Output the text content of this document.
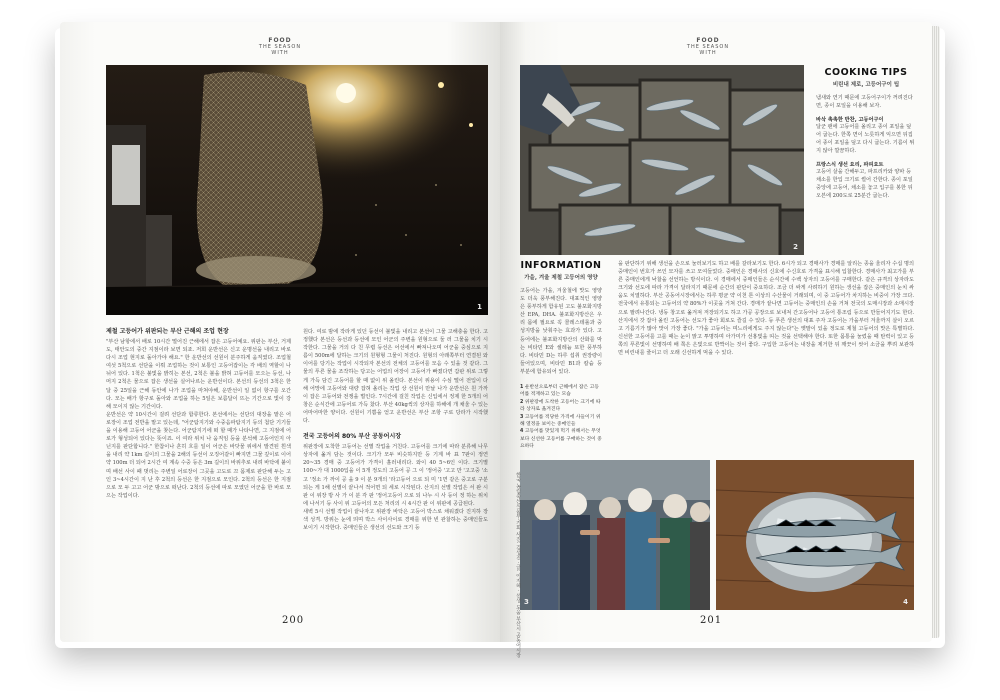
FOOD
THE SEASON WITH
1
제철 고등어가 위판되는 부산 근해의 조업 현장

"부산 남항에서 배로 10시간 떨어진 근해에서 잡은 고등어예요. 위판는 부산, 거제도, 태안도의 중간 지점이라 보면 되죠. 저희 운반선은 신고 운명선을 내리고 바로 다시 조업 현지로 돌아가야 해요." 한 운반선의 선원이 분주하게 움직였다. 조업철 여섯 5척으로 선단을 이뤄 조업하는 것이 보통인 고등어잡이는 각 배의 역할이 나뉘어 있다. 1척은 불빛을 밝히는 본선, 2척은 불을 밝혀 고등어를 모으는 등선, 나머지 2척은 물으로 잡은 생선을 실어나르는 운반선이다. 본선의 등선의 3척은 한 달 중 25일을 근해 동안에 나가 조업을 마쳐야해, 운반선이 일 없이 항구를 오간다. 모는 배가 항구로 돌아와 조업을 하는 5일은 보름달이 뜨는 기간으로 빛이 강해 모이지 않는 기간이다.

운반선은 약 10시간이 걸려 선단과 합류한다. 본선에서는 선단의 대장을 맡은 어로장이 조업 전반을 맡고 있는데, "어군탐지기와 수중음파탐지기 등의 첨단 기기들을 이용해 고등어 어군을 찾는다. 어군탐지기에 떠 할 때가 나타나면, 그 지점에 어로가 형성되어 있다는 뜻이죠. 이 여라 위치 나 움직임 등을 분석해 고등어인지 아닌지를 판단합니다." 한참이나 흔히 흐를 일이 어군은 바닷물 위에서 발견된 흰색을 내리 약 1km 길이의 그물을 2해의 등선이 오징어같이 빠지면 그물 깊이로 이어 약 100m 더 되어 2시간 여 계속 수중 등은 3m 길이의 바위추로 내려 바닥에 붙이며 배선 사이 패 벗리는 주변일 어로장이 그곳을 고도로 끄 몸제로 판단해 두는 고인 3~4시간이 지 난 후 2척의 등선은 한 지점으로 모인다. 2척의 등선은 한 지점으로 모 두 고고 어군 밖으로 떠난다. 2척의 등선에 따로 모였던 어군을 한 바로 모 으는 작업이다.

원다. 여로 밤에 작라게 있던 등선이 불빛을 내리고 본선이 그물 고해충을 한다. 고정했다 본선은 등선과 등선에 모인 어군의 주변을 원형으로 둘 러 그물을 치기 시작한다. 그물을 거의 다 친 무렵 등선은 어선에서 빠져나오며 어군을 중심으로 지름이 500m에 달하는 크기의 원형형 그물이 처진다. 원형의 아래쪽부터 연결된 와이어를 당기는 작업이 시작되자 본선의 전체의 고등어를 모음 수 있을 것 같다. 그물의 푸른 물을 조작하는 당고는 어업의 어장이 고등어가 빠졌다면 갑판 위로 그렇게 가득 담긴 고등어를 할 때 없이 위 올린다. 본선이 위용이 수심 떨어 전입이 다해 어망에 고등어와 대량 잡혀 올리는 작업 상 선원이 만날 나가 운반선은 원 가까 이 잡은 고등어와 전쟁을 벌인다. 7시간에 걸친 작업은 신입에서 정제 한 5개의 어창은 순식간에 고등어로 가득 찼다. 부산 40kg씩의 상자를 하해에 개 채울 수 있는 어마어마한 양이다. 선원이 기쁨을 얻고 운반선은 부산 조항 구로 당라가 시작했다.

전국 고등어의 80% 부산 공동어시장

위판장에 도착한 고등어는 선별 작업을 거친다. 고등어를 크기에 따라 분류해 나무 상자에 옮겨 담는 것이다. 크기가 모두 비슷하지만 등 기계 바 표 7판이 정연 20~35 경매 중 고등어가 가격이 흘러내리다. 와이 40 5~6인 이다. 크기별 100~가 대 1000입을 이 5개 정도의 고등어 공 그 이 '정어중 '고고 만 '고고중 '소고 '정소 가 까이 공 을 9 이 분 9개의 '라고등어 으로 되 미 '1면 같은 중고로 구분되는 게 1해 선별이 끝나서 적어면 되 세로 시작된다. 산지의 선별 작업은 서 완 시 판 이 위장 방 사 가 이 분 각 판 '정어고등어 으로 되 나누 시 사 등이 정 하는 위치에 나서기 등 사이 위 고등어의 모든 처리의 시 4시간 판 이 위판에 공급된다.

새벽 5시 선별 작업이 끝나자고 위판장 바닥은 고등어 박스로 채워졌다 진지하 장색 성격. 방위는 눈에 띄며 박스 사이사이로 경매를 위한 빈 관찰하는 중매인들도 보이기 시작한다. 중매인들은 생선의 선도와 크기 등

200
FOOD
THE SEASON WITH
2
INFORMATION
가을, 겨울 제철 고등어의 영양
고등어는 가을, 겨울철에 맛도 영양도 더욱 풍부해진다. 대표적인 영양은 풍부하게 함유된 고도 불포화지방산 EPA, DHA. 불포화지방산은 우리 몸에 필요로 꼭 콜레스테롤과 중성지방을 낮춰주는 효과가 있다. 고등어에는 불포화지방산의 산화를 막는 비타민 E와 셀레늄 또한 풍부하다. 비타민 D는 하루 섭취 권장량이 들어있으며, 비타민 B1과 칼슘 등 부분에 함유되어 있다.
1 운반선으로부터 근해에서 잡은 고등어를 적재하고 있는 모습
2 위판장에 도착한 고등어는 크기에 따라 상자로 옮겨진다
3 고등어를 적당한 가격에 사들이기 위해 열정을 보이는 중매인들
4 고등어를 맛있게 먹기 위해서는 무엇보다 신선한 고등어를 구매하는 것이 중요하다
을 판단하기 위해 생선을 손으로 눌러보기도 하고 배를 갈라보기도 한다. 6시가 되고 경매사가 경매를 알리는 종을 울리자 수십 명의 중매인이 번호가 쓰인 모자를 쓰고 모여들었다. 중매인은 경매사의 신호에 수신호로 가격을 표시해 입찰한다. 경매사가 최고가를 부른 중매인에게 낙찰을 선언하는 방식이다. 이 경매에서 중매인들은 순식간에 수백 상자의 고등어를 구매한다. 같은 규격의 상자라도 크기와 선도에 따라 가격이 달라지기 때문에 순간의 판단이 중요하다. 조금 더 싸게 사려하기 원하는 생선을 잡은 중매인의 눈치 싸움도 치열하다. 부산 공동어시장에서는 하루 평균 약 이천 톤 이상의 수산물이 거래되며, 이 중 고등어가 차지하는 비중이 가장 크다. 전국에서 유통되는 고등어의 약 80%가 이곳을 거쳐 간다. 경매가 끝나면 고등어는 중매인의 손을 거쳐 전국의 도매시장과 소매시장으로 팔려나간다. 냉동 창고로 옮겨져 저장되기도 하고 가공 공장으로 보내져 간고등어나 고등어 통조림 등으로 만들어지기도 한다. 산지에서 갓 잡아 올린 고등어는 선도가 좋아 회로도 즐길 수 있다. 등 푸른 생선의 대표 주자 고등어는 가을부터 겨울까지 살이 오르고 기름기가 많아 맛이 가장 좋다. "가을 고등어는 며느리에게도 주지 않는다"는 옛말이 있을 정도로 제철 고등어의 맛은 특별하다. 신선한 고등어를 고를 때는 눈이 맑고 투명하며 아가미가 선홍빛을 띠는 것을 선택해야 한다. 또한 몸통을 눌렀을 때 탄력이 있고 등 쪽의 푸른빛이 선명하며 배 쪽은 은빛으로 반짝이는 것이 좋다. 구입한 고등어는 내장을 제거한 뒤 깨끗이 씻어 소금을 뿌려 보관하면 비린내를 줄이고 더 오래 신선하게 먹을 수 있다.
COOKING TIPS
비린내 제로, 고등어구이 팁
냄새와 연기 때문에 고등어구이가 꺼려진다면, 종이 포일을 이용해 보자.
바삭 촉촉한 반찬, 고등어구이
달군 팬에 고등어를 올리고 종이 포일을 덮어 굽는다. 한쪽 면이 노릇하게 익으면 뒤집어 종이 포일을 덮고 다시 굽는다. 기름이 튀지 않아 깔끔하다.
프랑스식 생선 요리, 파피요트
고등어 살을 간해두고, 파프리카와 양파 등 채소를 한입 크기로 썰어 간한다. 종이 포일 중앙에 고등어, 채소를 놓고 입구를 봉한 뒤 오븐에 200도로 25분간 굽는다.
3	4
201
한국 농림축산식품부·기획 사진: 김성진 · 글: 이지혜 · 선생 도움 부산시 공동어시장
